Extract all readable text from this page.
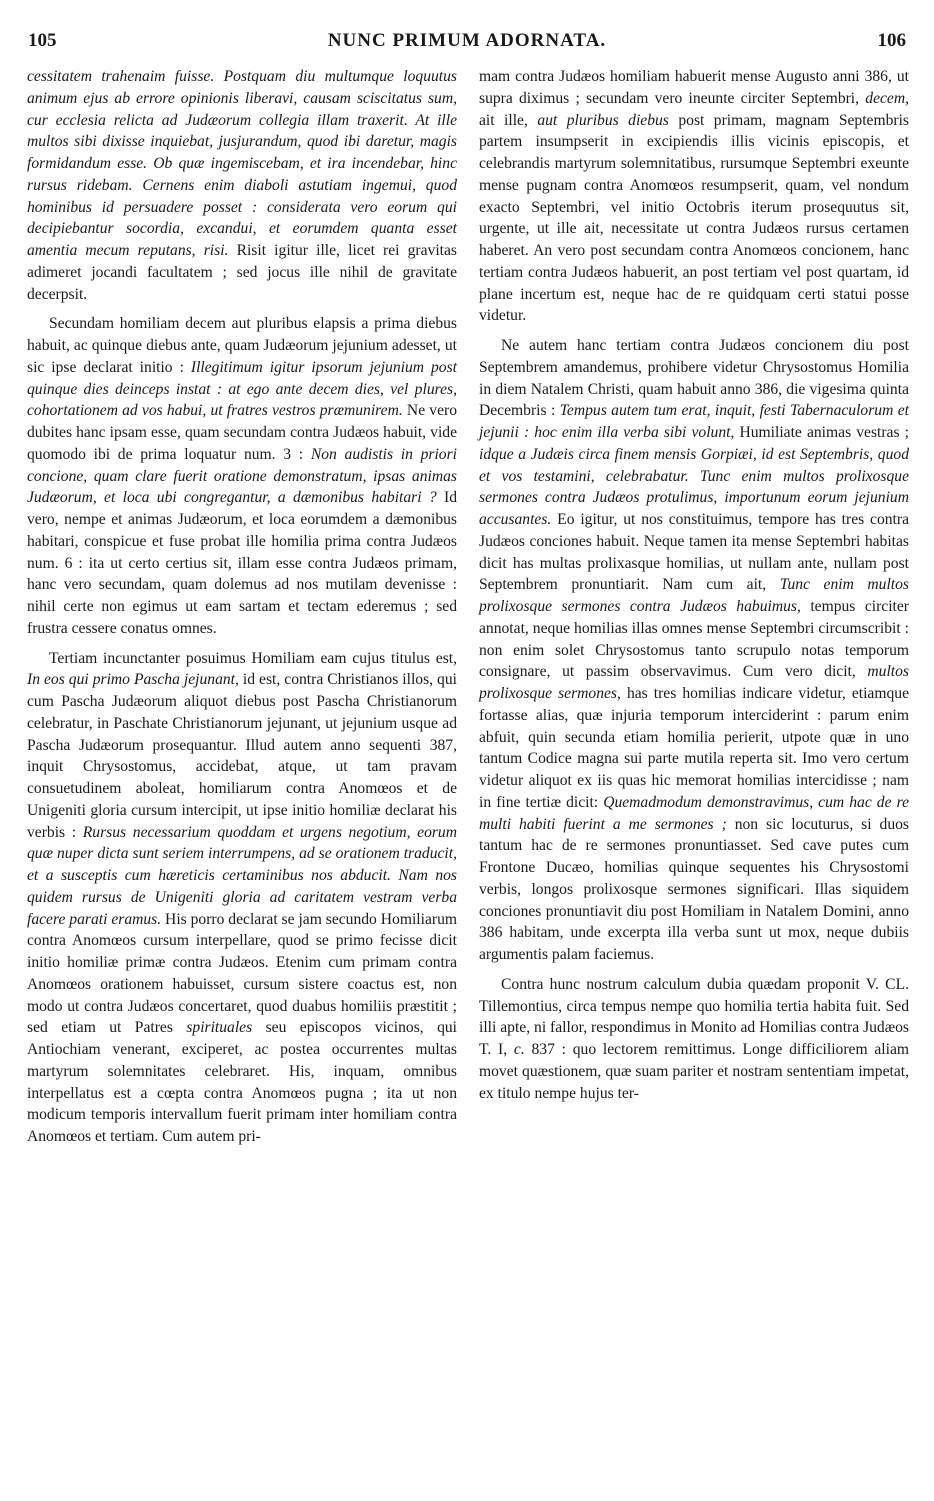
105	NUNC PRIMUM ADORNATA.	106

cessitatem trahenaim fuisse. Postquam diu multumque loquutus animum ejus ab errore opinionis liberavi, causam sciscitatus sum, cur ecclesia relicta ad Judæorum collegia illam traxerit. At ille multos sibi dixisse inquiebat, jusjurandum, quod ibi daretur, magis formidandum esse. Ob quæ ingemiscebam, et ira incendebar, hinc rursus ridebam. Cernens enim diaboli astutiam ingemui, quod hominibus id persuadere posset : considerata vero eorum qui decipiebantur socordia, excandui, et eorumdem quanta esset amentia mecum reputans, risi. Risit igitur ille, licet rei gravitas adimeret jocandi facultatem ; sed jocus ille nihil de gravitate decerpsit.

Secundam homiliam decem aut pluribus elapsis a prima diebus habuit, ac quinque diebus ante, quam Judæorum jejunium adesset, ut sic ipse declarat initio : Illegitimum igitur ipsorum jejunium post quinque dies deinceps instat : at ego ante decem dies, vel plures, cohortationem ad vos habui, ut fratres vestros præmunirem. Ne vero dubites hanc ipsam esse, quam secundam contra Judæos habuit, vide quomodo ibi de prima loquatur num. 3 : Non audistis in priori concione, quam clare fuerit oratione demonstratum, ipsas animas Judæorum, et loca ubi congregantur, a dæmonibus habitari ? Id vero, nempe et animas Judæorum, et loca eorumdem a dæmonibus habitari, conspicue et fuse probat ille homilia prima contra Judæos num. 6 : ita ut certo certius sit, illam esse contra Judæos primam, hanc vero secundam, quam dolemus ad nos mutilam devenisse : nihil certe non egimus ut eam sartam et tectam ederemus ; sed frustra cessere conatus omnes.

Tertiam incunctanter posuimus Homiliam eam cujus titulus est, In eos qui primo Pascha jejunant, id est, contra Christianos illos, qui cum Pascha Judæorum aliquot diebus post Pascha Christianorum celebratur, in Paschate Christianorum jejunant, ut jejunium usque ad Pascha Judæorum prosequantur. Illud autem anno sequenti 387, inquit Chrysostomus, accidebat, atque, ut tam pravam consuetudinem aboleat, homiliarum contra Anomœos et de Unigeniti gloria cursum intercipit, ut ipse initio homiliæ declarat his verbis : Rursus necessarium quoddam et urgens negotium, eorum quæ nuper dicta sunt seriem interrumpens, ad se orationem traducit, et a susceptis cum hæreticis certaminibus nos abducit. Nam nos quidem rursus de Unigeniti gloria ad caritatem vestram verba facere parati eramus. His porro declarat se jam secundo Homiliarum contra Anomœos cursum interpellare, quod se primo fecisse dicit initio homiliæ primæ contra Judæos. Etenim cum primam contra Anomœos orationem habuisset, cursum sistere coactus est, non modo ut contra Judæos concertaret, quod duabus homiliis præstitit ; sed etiam ut Patres spirituales seu episcopos vicinos, qui Antiochiam venerant, exciperet, ac postea occurrentes multas martyrum solemnitates celebraret. His, inquam, omnibus interpellatus est a cœpta contra Anomœos pugna ; ita ut non modicum temporis intervallum fuerit primam inter homiliam contra Anomœos et tertiam. Cum autem pri-

mam contra Judæos homiliam habuerit mense Augusto anni 386, ut supra diximus ; secundam vero ineunte circiter Septembri, decem, ait ille, aut pluribus diebus post primam, magnam Septembris partem insumpserit in excipiendis illis vicinis episcopis, et celebrandis martyrum solemnitatibus, rursumque Septembri exeunte mense pugnam contra Anomœos resumpserit, quam, vel nondum exacto Septembri, vel initio Octobris iterum prosequutus sit, urgente, ut ille ait, necessitate ut contra Judæos rursus certamen haberet. An vero post secundam contra Anomœos concionem, hanc tertiam contra Judæos habuerit, an post tertiam vel post quartam, id plane incertum est, neque hac de re quidquam certi statui posse videtur.

Ne autem hanc tertiam contra Judæos concionem diu post Septembrem amandemus, prohibere videtur Chrysostomus Homilia in diem Natalem Christi, quam habuit anno 386, die vigesima quinta Decembris : Tempus autem tum erat, inquit, festi Tabernaculorum et jejunii : hoc enim illa verba sibi volunt, Humiliate animas vestras ; idque a Judæis circa finem mensis Gorpiæi, id est Septembris, quod et vos testamini, celebrabatur. Tunc enim multos prolixosque sermones contra Judæos protulimus, importunum eorum jejunium accusantes. Eo igitur, ut nos constituimus, tempore has tres contra Judæos conciones habuit. Neque tamen ita mense Septembri habitas dicit has multas prolixasque homilias, ut nullam ante, nullam post Septembrem pronuntiarit. Nam cum ait, Tunc enim multos prolixosque sermones contra Judæos habuimus, tempus circiter annotat, neque homilias illas omnes mense Septembri circumscribit : non enim solet Chrysostomus tanto scrupulo notas temporum consignare, ut passim observavimus. Cum vero dicit, multos prolixosque sermones, has tres homilias indicare videtur, etiamque fortasse alias, quæ injuria temporum interciderint : parum enim abfuit, quin secunda etiam homilia perierit, utpote quæ in uno tantum Codice magna sui parte mutila reperta sit. Imo vero certum videtur aliquot ex iis quas hic memorat homilias intercidisse ; nam in fine tertiæ dicit: Quemadmodum demonstravimus, cum hac de re multi habiti fuerint a me sermones ; non sic locuturus, si duos tantum hac de re sermones pronuntiasset. Sed cave putes cum Frontone Ducæo, homilias quinque sequentes his Chrysostomi verbis, longos prolixosque sermones significari. Illas siquidem conciones pronuntiavit diu post Homiliam in Natalem Domini, anno 386 habitam, unde excerpta illa verba sunt ut mox, neque dubiis argumentis palam faciemus.

Contra hunc nostrum calculum dubia quædam proponit V. CL. Tillemontius, circa tempus nempe quo homilia tertia habita fuit. Sed illi apte, ni fallor, respondimus in Monito ad Homilias contra Judæos T. I, c. 837 : quo lectorem remittimus. Longe difficiliorem aliam movet quæstionem, quæ suam pariter et nostram sententiam impetat, ex titulo nempe hujus ter-
